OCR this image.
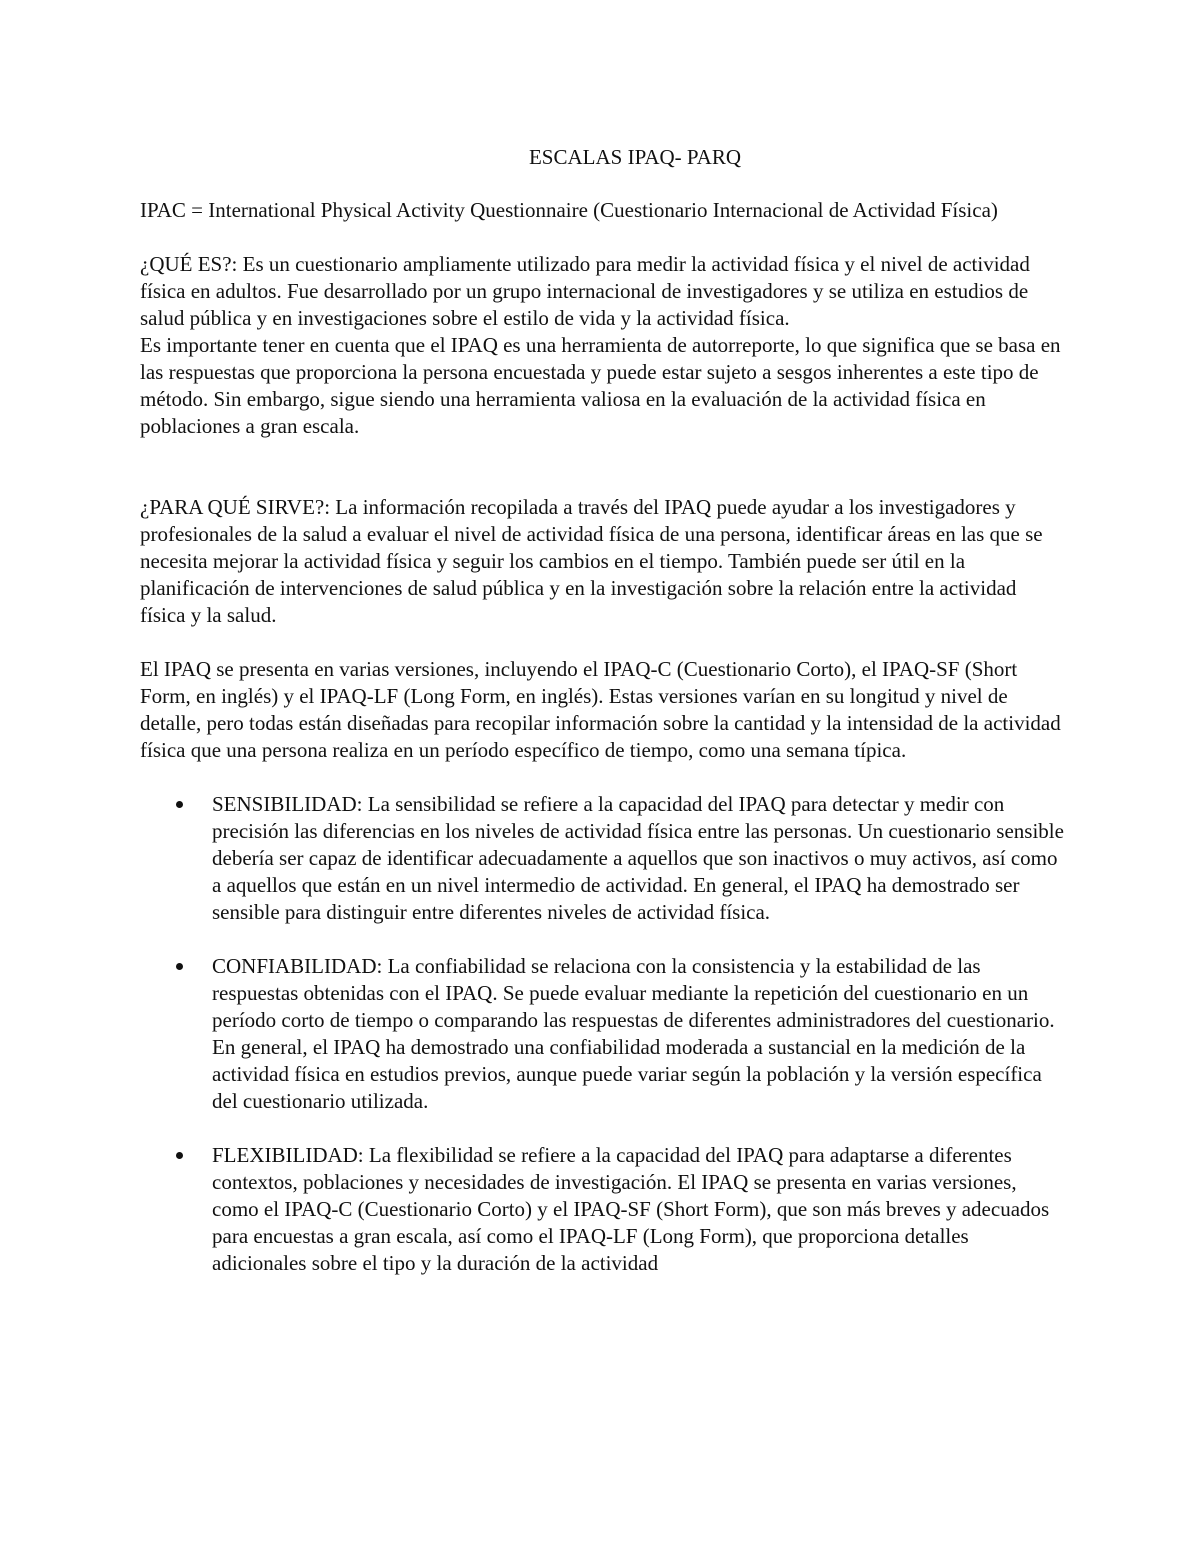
ESCALAS IPAQ- PARQ

IPAC = International Physical Activity Questionnaire (Cuestionario Internacional de Actividad Física)

¿QUÉ ES?: Es un cuestionario ampliamente utilizado para medir la actividad física y el nivel de actividad física en adultos. Fue desarrollado por un grupo internacional de investigadores y se utiliza en estudios de salud pública y en investigaciones sobre el estilo de vida y la actividad física.

Es importante tener en cuenta que el IPAQ es una herramienta de autorreporte, lo que significa que se basa en las respuestas que proporciona la persona encuestada y puede estar sujeto a sesgos inherentes a este tipo de método. Sin embargo, sigue siendo una herramienta valiosa en la evaluación de la actividad física en poblaciones a gran escala.

¿PARA QUÉ SIRVE?: La información recopilada a través del IPAQ puede ayudar a los investigadores y profesionales de la salud a evaluar el nivel de actividad física de una persona, identificar áreas en las que se necesita mejorar la actividad física y seguir los cambios en el tiempo. También puede ser útil en la planificación de intervenciones de salud pública y en la investigación sobre la relación entre la actividad física y la salud.

El IPAQ se presenta en varias versiones, incluyendo el IPAQ-C (Cuestionario Corto), el IPAQ-SF (Short Form, en inglés) y el IPAQ-LF (Long Form, en inglés). Estas versiones varían en su longitud y nivel de detalle, pero todas están diseñadas para recopilar información sobre la cantidad y la intensidad de la actividad física que una persona realiza en un período específico de tiempo, como una semana típica.

SENSIBILIDAD: La sensibilidad se refiere a la capacidad del IPAQ para detectar y medir con precisión las diferencias en los niveles de actividad física entre las personas. Un cuestionario sensible debería ser capaz de identificar adecuadamente a aquellos que son inactivos o muy activos, así como a aquellos que están en un nivel intermedio de actividad. En general, el IPAQ ha demostrado ser sensible para distinguir entre diferentes niveles de actividad física.
CONFIABILIDAD: La confiabilidad se relaciona con la consistencia y la estabilidad de las respuestas obtenidas con el IPAQ. Se puede evaluar mediante la repetición del cuestionario en un período corto de tiempo o comparando las respuestas de diferentes administradores del cuestionario. En general, el IPAQ ha demostrado una confiabilidad moderada a sustancial en la medición de la actividad física en estudios previos, aunque puede variar según la población y la versión específica del cuestionario utilizada.
FLEXIBILIDAD: La flexibilidad se refiere a la capacidad del IPAQ para adaptarse a diferentes contextos, poblaciones y necesidades de investigación. El IPAQ se presenta en varias versiones, como el IPAQ-C (Cuestionario Corto) y el IPAQ-SF (Short Form), que son más breves y adecuados para encuestas a gran escala, así como el IPAQ-LF (Long Form), que proporciona detalles adicionales sobre el tipo y la duración de la actividad
